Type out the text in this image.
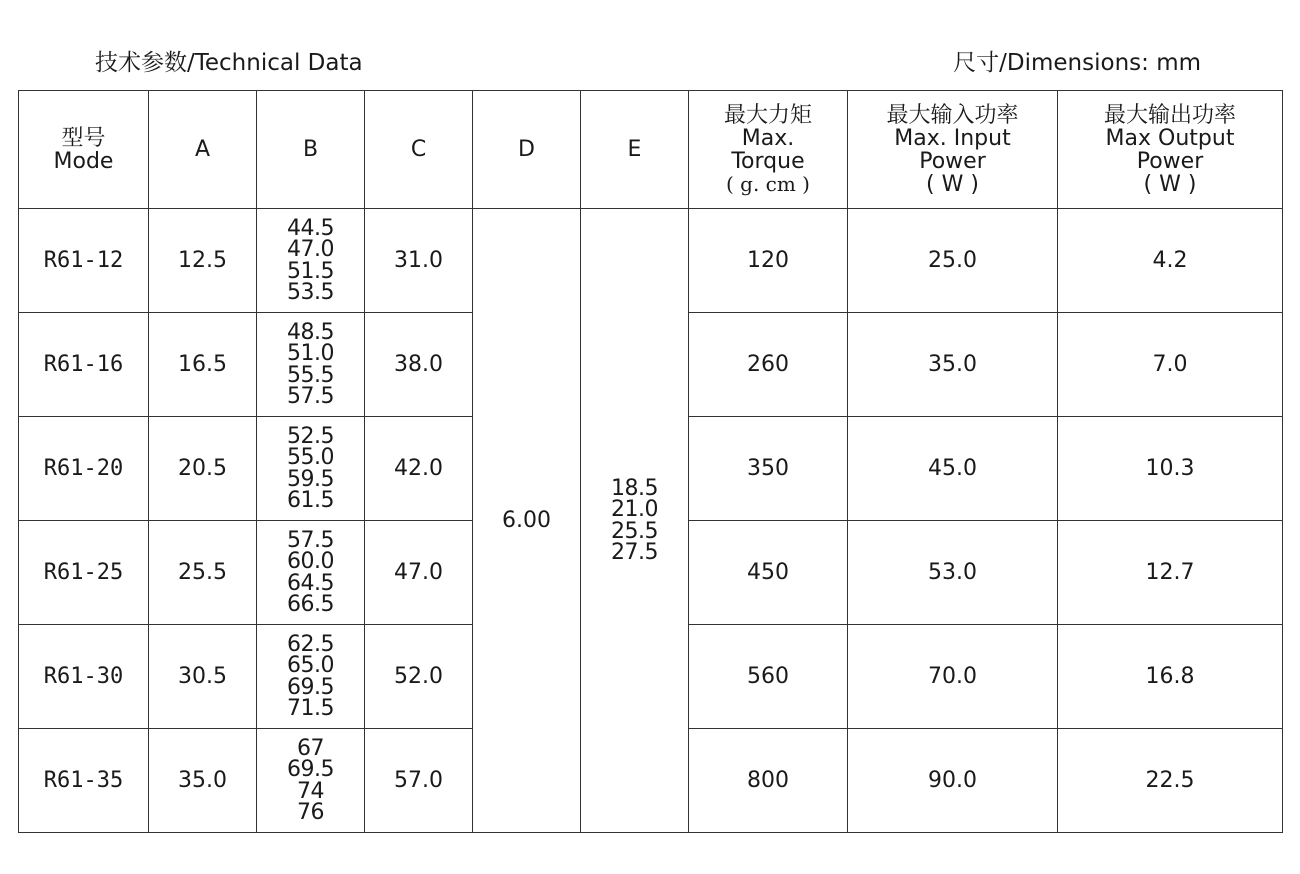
技术参数/Technical Data	尺寸/Dimensions: mm
型号
Mode	A	B	C	D	E	最大力矩
Max.
Torque
( g. cm )	最大输入功率
Max. Input
Power
( W )	最大输出功率
Max Output
Power
( W )

R61-12	12.5	44.5
47.0
51.5
53.5	31.0	6.00	18.5
21.0
25.5
27.5	120	25.0	4.2
R61-16	16.5	48.5
51.0
55.5
57.5	38.0			260	35.0	7.0
R61-20	20.5	52.5
55.0
59.5
61.5	42.0			350	45.0	10.3
R61-25	25.5	57.5
60.0
64.5
66.5	47.0			450	53.0	12.7
R61-30	30.5	62.5
65.0
69.5
71.5	52.0			560	70.0	16.8
R61-35	35.0	67
69.5
74
76	57.0			800	90.0	22.5
